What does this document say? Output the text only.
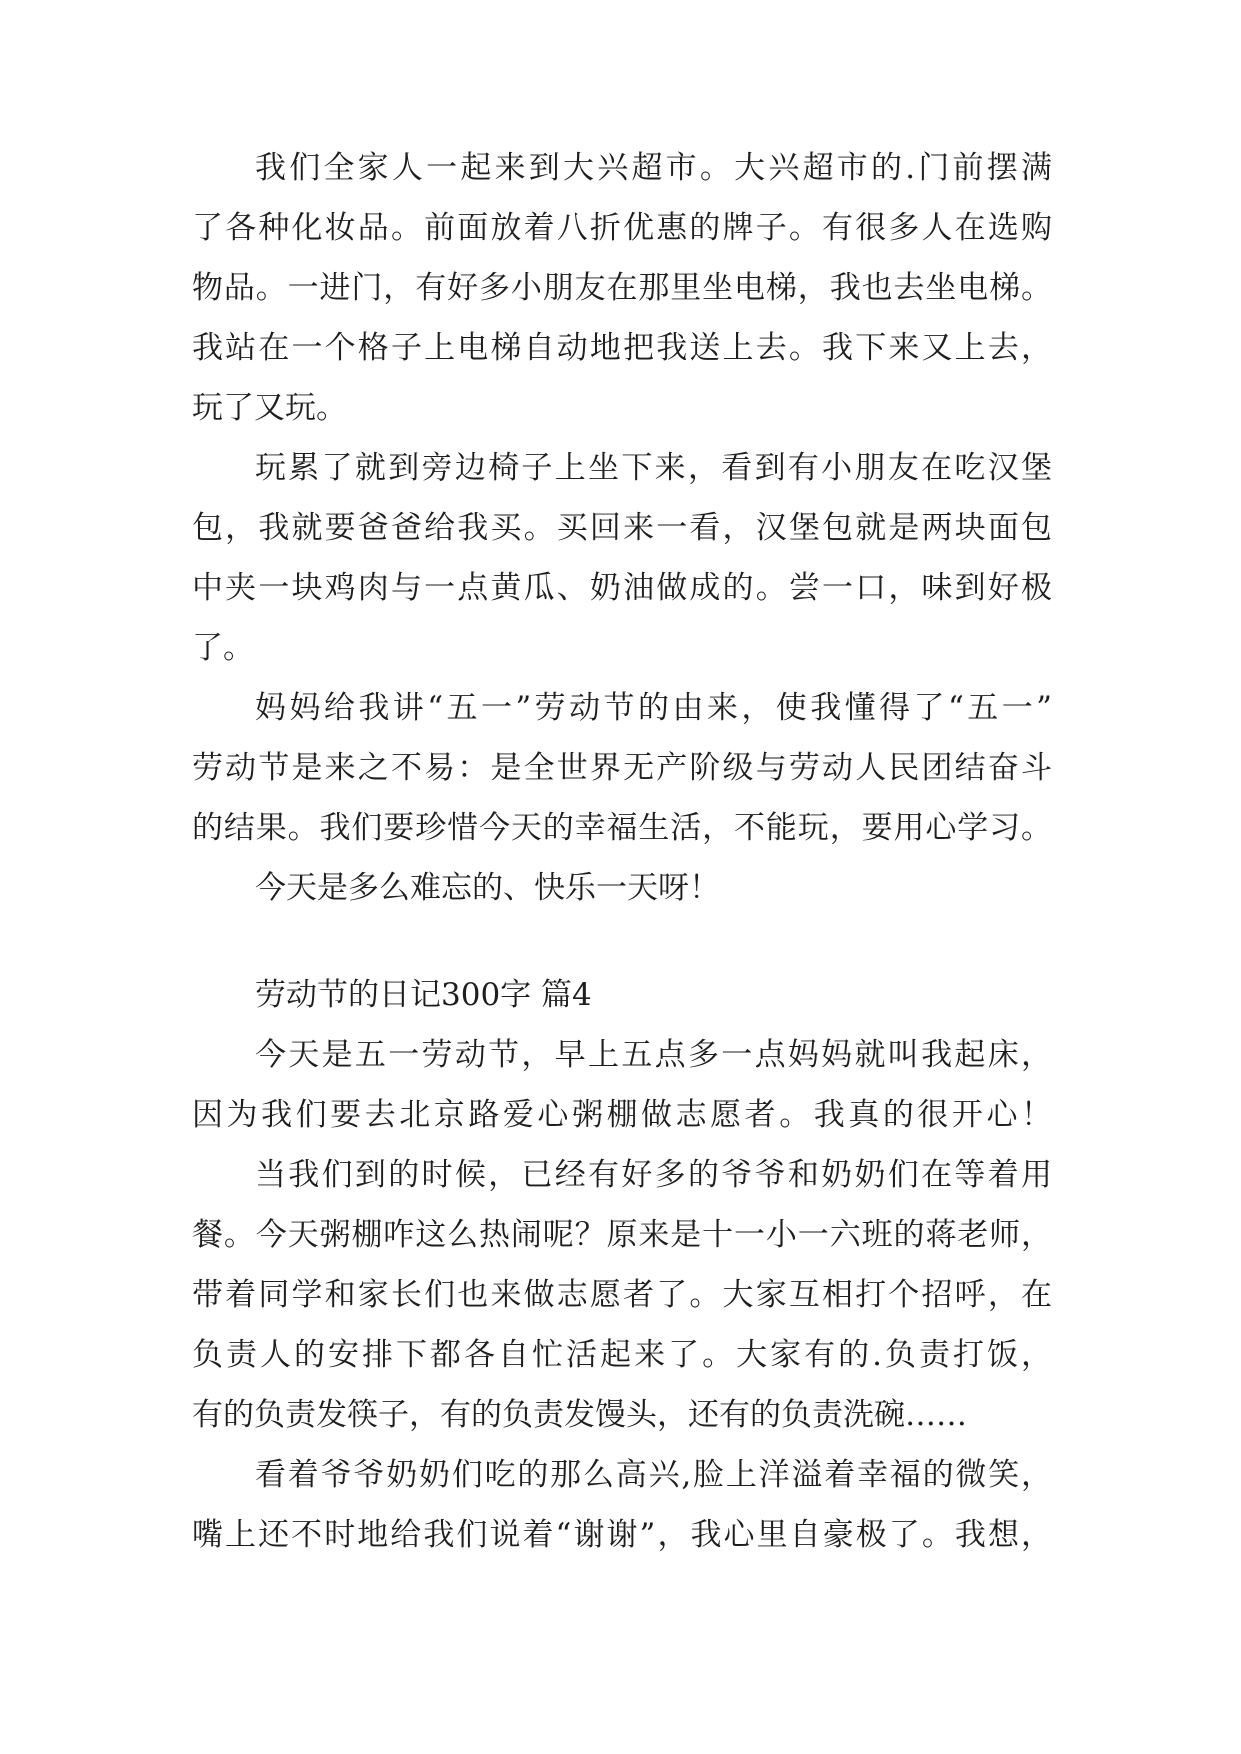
我们全家人一起来到大兴超市。大兴超市的.门前摆满

了各种化妆品。前面放着八折优惠的牌子。有很多人在选购

物品。一进门，有好多小朋友在那里坐电梯，我也去坐电梯。

我站在一个格子上电梯自动地把我送上去。我下来又上去，

玩了又玩。

玩累了就到旁边椅子上坐下来，看到有小朋友在吃汉堡

包，我就要爸爸给我买。买回来一看，汉堡包就是两块面包

中夹一块鸡肉与一点黄瓜、奶油做成的。尝一口，味到好极

了。

妈妈给我讲“五一”劳动节的由来，使我懂得了“五一”

劳动节是来之不易：是全世界无产阶级与劳动人民团结奋斗

的结果。我们要珍惜今天的幸福生活，不能玩，要用心学习。

今天是多么难忘的、快乐一天呀！

劳动节的日记300字 篇4

今天是五一劳动节，早上五点多一点妈妈就叫我起床，

因为我们要去北京路爱心粥棚做志愿者。我真的很开心！

当我们到的时候，已经有好多的爷爷和奶奶们在等着用

餐。今天粥棚咋这么热闹呢？原来是十一小一六班的蒋老师，

带着同学和家长们也来做志愿者了。大家互相打个招呼，在

负责人的安排下都各自忙活起来了。大家有的.负责打饭，

有的负责发筷子，有的负责发馒头，还有的负责洗碗……

看着爷爷奶奶们吃的那么高兴,脸上洋溢着幸福的微笑，

嘴上还不时地给我们说着“谢谢”，我心里自豪极了。我想，
